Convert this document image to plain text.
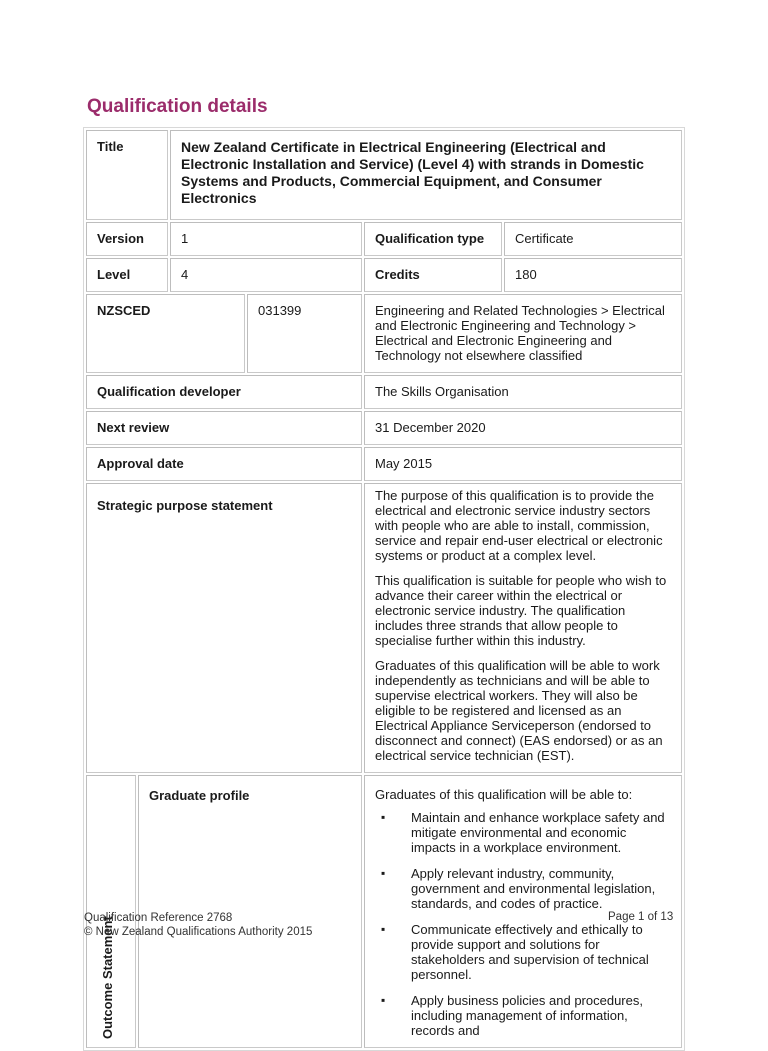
Qualification details
Title		New Zealand Certificate in Electrical Engineering (Electrical and Electronic Installation and Service) (Level 4) with strands in Domestic Systems and Products, Commercial Equipment, and Consumer Electronics			
Version		1		Qualification type	Certificate
Level		4		Credits	180
NZSCED			031399	Engineering and Related Technologies > Electrical and Electronic Engineering and Technology > Electrical and Electronic Engineering and Technology not elsewhere classified	
Qualification developer				The Skills Organisation	
Next review				31 December 2020	
Approval date				May 2015	
Strategic purpose statement				The purpose of this qualification is to provide the electrical and electronic service industry sectors with people who are able to install, commission, service and repair end-user electrical or electronic systems or product at a complex level.

This qualification is suitable for people who wish to advance their career within the electrical or electronic service industry. The qualification includes three strands that allow people to specialise further within this industry.

Graduates of this qualification will be able to work independently as technicians and will be able to supervise electrical workers. They will also be eligible to be registered and licensed as an Electrical Appliance Serviceperson (endorsed to disconnect and connect) (EAS endorsed) or as an electrical service technician (EST).	

Outcome Statement
	Graduate profile	Graduates of this qualification will be able to:
▪ Maintain and enhance workplace safety and mitigate environmental and economic impacts in a workplace environment.
▪ Apply relevant industry, community, government and environmental legislation, standards, and codes of practice.
▪ Communicate effectively and ethically to provide support and solutions for stakeholders and supervision of technical personnel.
▪ Apply business policies and procedures, including management of information, records and
Qualification Reference 2768
© New Zealand Qualifications Authority 2015
Page 1 of 13
